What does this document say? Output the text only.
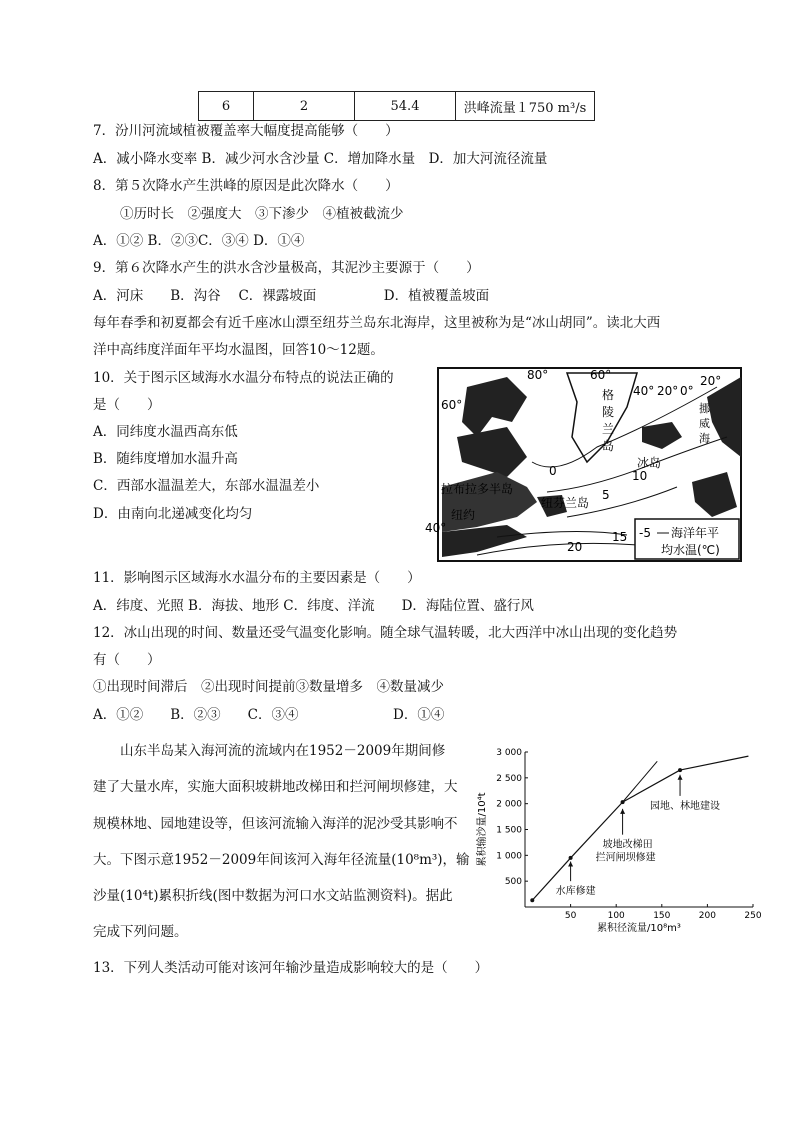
6	2	54.4	洪峰流量１750 m³/s
7．汾川河流域植被覆盖率大幅度提高能够（　　）
A．减小降水变率 B．减少河水含沙量 C．增加降水量　D．加大河流径流量
8．第５次降水产生洪峰的原因是此次降水（　　）
　　①历时长　②强度大　③下渗少　④植被截流少
A．①② B．②③C．③④ D．①④
9．第６次降水产生的洪水含沙量极高，其泥沙主要源于（　　）
A．河床　　B．沟谷　 C．裸露坡面　　　　　D．植被覆盖坡面
每年春季和初夏都会有近千座冰山漂至纽芬兰岛东北海岸，这里被称为是“冰山胡同”。读北大西
洋中高纬度洋面年平均水温图，回答10～12题。
10．关于图示区域海水水温分布特点的说法正确的
是（　　）
A．同纬度水温西高东低
B．随纬度增加水温升高
C．西部水温温差大，东部水温温差小
D．由南向北递减变化均匀
11．影响图示区域海水水温分布的主要因素是（　　）
A．纬度、光照 B．海拔、地形 C．纬度、洋流　　D．海陆位置、盛行风
12．冰山出现的时间、数量还受气温变化影响。随全球气温转暖，北大西洋中冰山出现的变化趋势
有（　　）
①出现时间滞后　②出现时间提前③数量增多　④数量减少
A．①②　　B．②③　　C．③④　　　　　　　D．①④
　　山东半岛某入海河流的流域内在1952－2009年期间修
建了大量水库，实施大面积坡耕地改梯田和拦河闸坝修建，大
规模林地、园地建设等，但该河流输入海洋的泥沙受其影响不
大。下图示意1952－2009年间该河入海年径流量(10⁸m³)，输
沙量(10⁴t)累积折线(图中数据为河口水文站监测资料)。据此
完成下列问题。
13．下列人类活动可能对该河年输沙量造成影响较大的是（　　）
60°
40°
80°	60°
40° 20° 0°
20°
格
陵
兰
岛
挪
威
海
冰岛
拉布拉多半岛
纽芬兰岛
纽约
0
5
10
15
20
-5 海洋年平
均水温(℃)
50	100	150	200	250
500
1 000
1 500
2 000
2 500
3 000
累积径流量/10⁸m³
累积输沙量/10⁴t
水库修建
坡地改梯田
拦河闸坝修建
园地、林地建设
